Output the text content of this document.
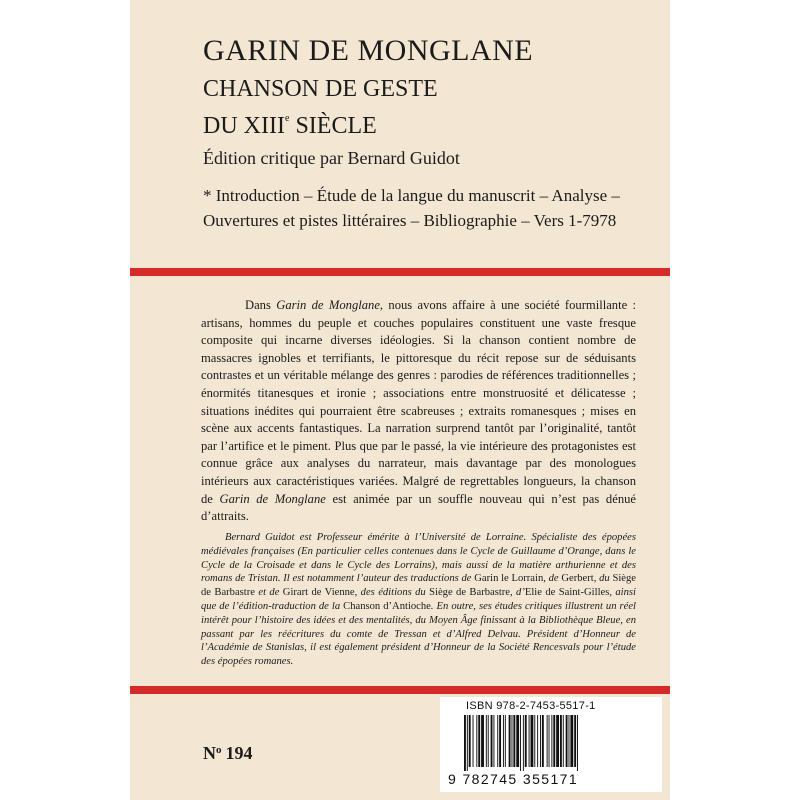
GARIN DE MONGLANE
CHANSON DE GESTE
DU XIIIe SIÈCLE
Édition critique par Bernard Guidot
* Introduction – Étude de la langue du manuscrit – Analyse –
Ouvertures et pistes littéraires – Bibliographie – Vers 1-7978

Dans Garin de Monglane, nous avons affaire à une société fourmillante : artisans, hommes du peuple et couches populaires constituent une vaste fresque composite qui incarne diverses idéologies. Si la chanson contient nombre de massacres ignobles et terrifiants, le pittoresque du récit repose sur de séduisants contrastes et un véritable mélange des genres : parodies de références traditionnelles ; énormités titanesques et ironie ; associations entre monstruosité et délicatesse ; situations inédites qui pourraient être scabreuses ; extraits romanesques ; mises en scène aux accents fantastiques. La narration surprend tantôt par l’originalité, tantôt par l’artifice et le piment. Plus que par le passé, la vie intérieure des protagonistes est connue grâce aux analyses du narrateur, mais davantage par des monologues intérieurs aux caractéristiques variées. Malgré de regrettables longueurs, la chanson de Garin de Monglane est animée par un souffle nouveau qui n’est pas dénué d’attraits.

Bernard Guidot est Professeur émérite à l’Université de Lorraine. Spécialiste des épopées médiévales françaises (En particulier celles contenues dans le Cycle de Guillaume d’Orange, dans le Cycle de la Croisade et dans le Cycle des Lorrains), mais aussi de la matière arthurienne et des romans de Tristan. Il est notamment l’auteur des traductions de Garin le Lorrain, de Gerbert, du Siège de Barbastre et de Girart de Vienne, des éditions du Siège de Barbastre, d’Elie de Saint-Gilles, ainsi que de l’édition-traduction de la Chanson d’Antioche. En outre, ses études critiques illustrent un réel intérêt pour l’histoire des idées et des mentalités, du Moyen Âge finissant à la Bibliothèque Bleue, en passant par les réécritures du comte de Tressan et d’Alfred Delvau. Président d’Honneur de l’Académie de Stanislas, il est également président d’Honneur de la Société Rencesvals pour l’étude des épopées romanes.

$N^o$ 194
ISBN 978-2-7453-5517-1
9 782745 355171
